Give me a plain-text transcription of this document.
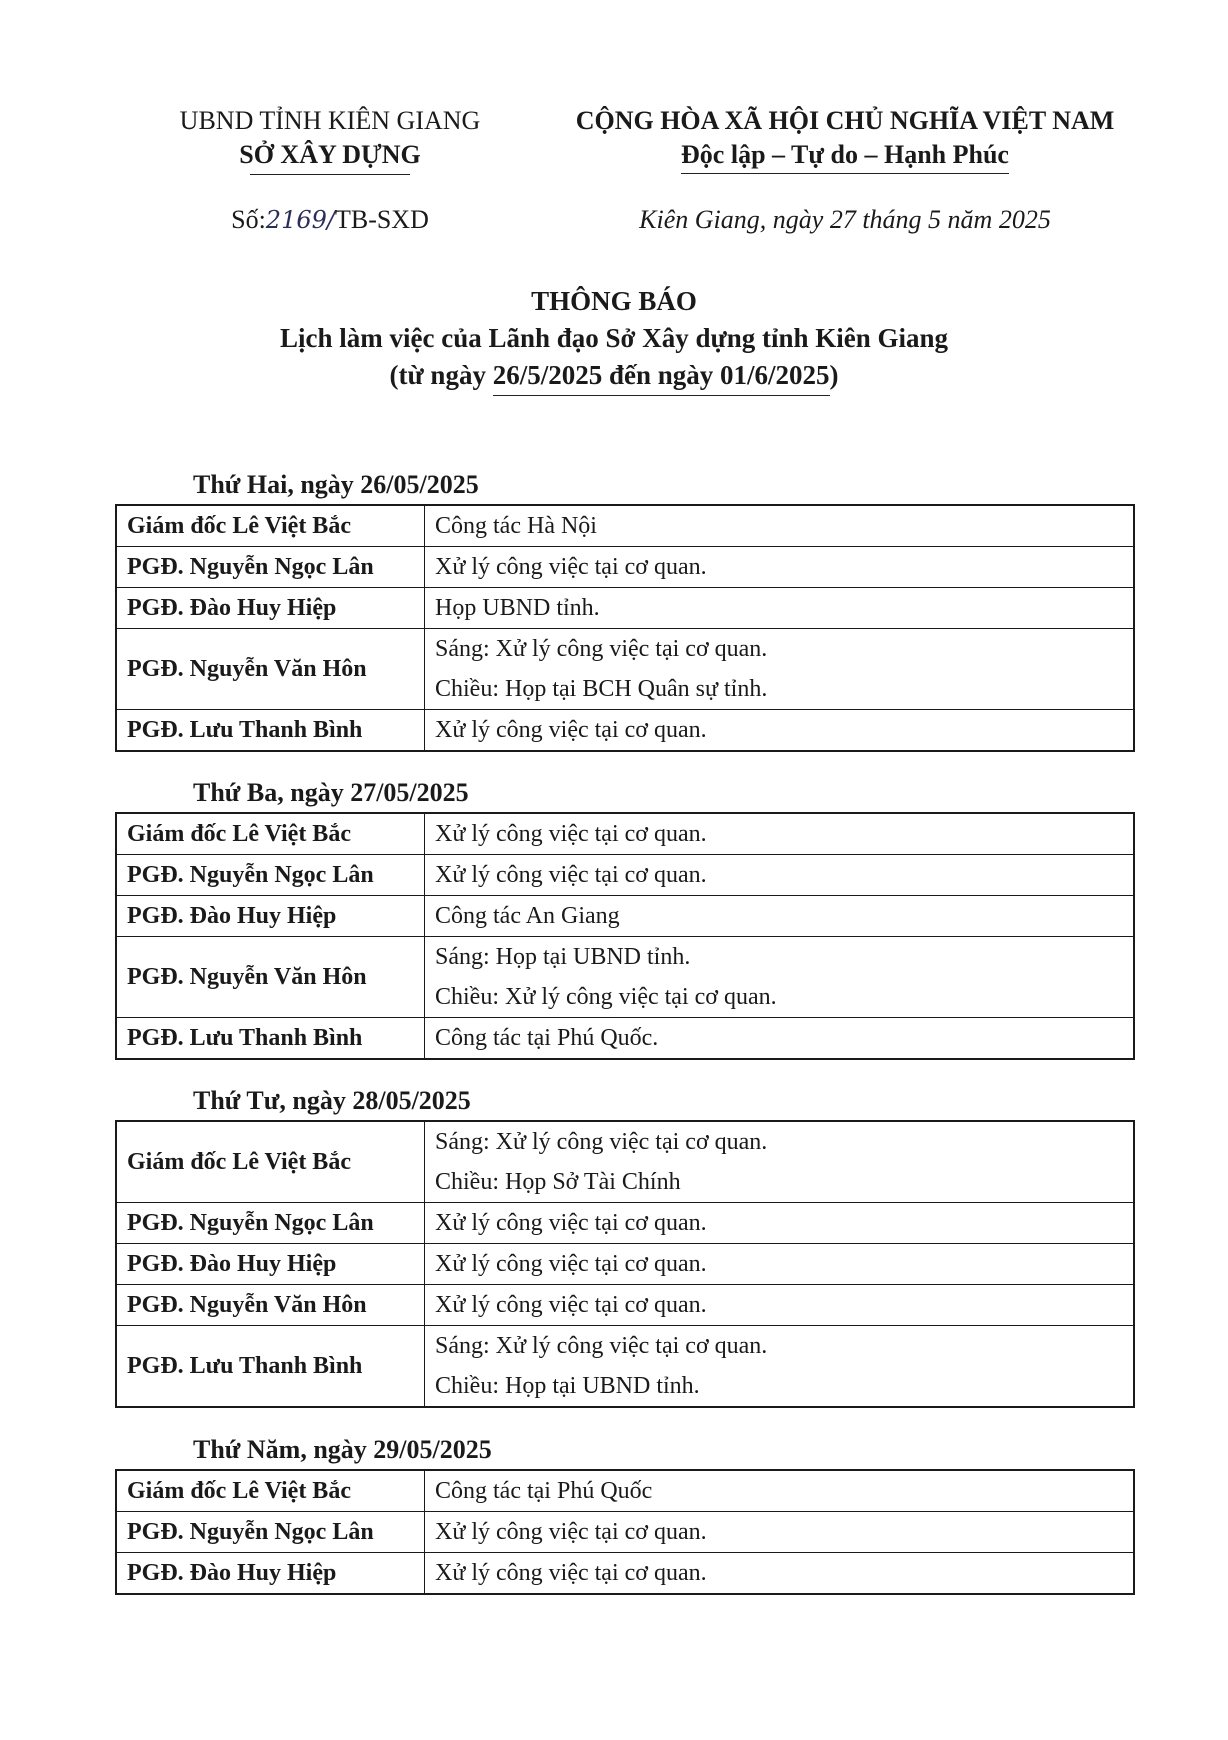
UBND TỈNH KIÊN GIANG
SỞ XÂY DỰNG
CỘNG HÒA XÃ HỘI CHỦ NGHĨA VIỆT NAM
Độc lập – Tự do – Hạnh Phúc
Số:2169/TB-SXD	Kiên Giang, ngày 27 tháng 5 năm 2025
THÔNG BÁO
Lịch làm việc của Lãnh đạo Sở Xây dựng tỉnh Kiên Giang
(từ ngày 26/5/2025 đến ngày 01/6/2025)
Thứ Hai, ngày 26/05/2025
Giám đốc Lê Việt Bắc	Công tác Hà Nội

PGĐ. Nguyễn Ngọc Lân	Xử lý công việc tại cơ quan.

PGĐ. Đào Huy Hiệp	Họp UBND tỉnh.

PGĐ. Nguyễn Văn Hôn	Sáng: Xử lý công việc tại cơ quan.
Chiều: Họp tại BCH Quân sự tỉnh.

PGĐ. Lưu Thanh Bình	Xử lý công việc tại cơ quan.
Thứ Ba, ngày 27/05/2025
Giám đốc Lê Việt Bắc	Xử lý công việc tại cơ quan.

PGĐ. Nguyễn Ngọc Lân	Xử lý công việc tại cơ quan.

PGĐ. Đào Huy Hiệp	Công tác An Giang

PGĐ. Nguyễn Văn Hôn	Sáng: Họp tại UBND tỉnh.
Chiều: Xử lý công việc tại cơ quan.

PGĐ. Lưu Thanh Bình	Công tác tại Phú Quốc.
Thứ Tư, ngày 28/05/2025
Giám đốc Lê Việt Bắc	Sáng: Xử lý công việc tại cơ quan.
Chiều: Họp Sở Tài Chính

PGĐ. Nguyễn Ngọc Lân	Xử lý công việc tại cơ quan.

PGĐ. Đào Huy Hiệp	Xử lý công việc tại cơ quan.

PGĐ. Nguyễn Văn Hôn	Xử lý công việc tại cơ quan.

PGĐ. Lưu Thanh Bình	Sáng: Xử lý công việc tại cơ quan.
Chiều: Họp tại UBND tỉnh.
Thứ Năm, ngày 29/05/2025
Giám đốc Lê Việt Bắc	Công tác tại Phú Quốc

PGĐ. Nguyễn Ngọc Lân	Xử lý công việc tại cơ quan.

PGĐ. Đào Huy Hiệp	Xử lý công việc tại cơ quan.
